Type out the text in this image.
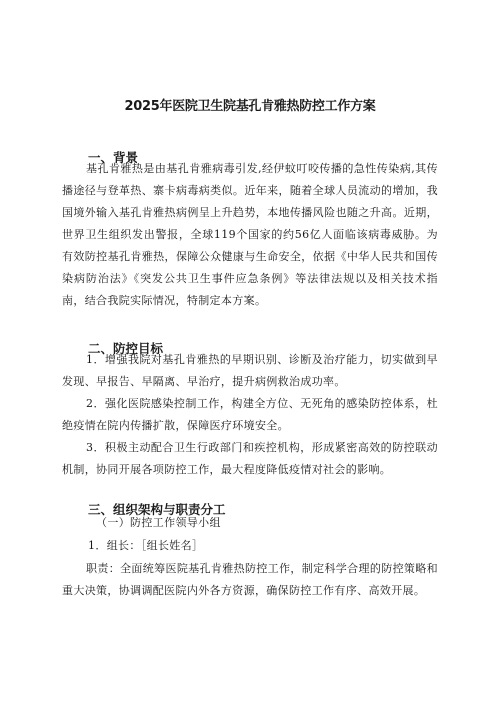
2025年医院卫生院基孔肯雅热防控工作方案
一、背景
基孔肯雅热是由基孔肯雅病毒引发,经伊蚊叮咬传播的急性传染病,其传播途径与登革热、寨卡病毒病类似。近年来，随着全球人员流动的增加，我国境外输入基孔肯雅热病例呈上升趋势，本地传播风险也随之升高。近期，世界卫生组织发出警报，全球119个国家的约56亿人面临该病毒威胁。为有效防控基孔肯雅热，保障公众健康与生命安全，依据《中华人民共和国传染病防治法》《突发公共卫生事件应急条例》等法律法规以及相关技术指南，结合我院实际情况，特制定本方案。
二、防控目标
1．增强我院对基孔肯雅热的早期识别、诊断及治疗能力，切实做到早发现、早报告、早隔离、早治疗，提升病例救治成功率。
2．强化医院感染控制工作，构建全方位、无死角的感染防控体系，杜绝疫情在院内传播扩散，保障医疗环境安全。
3．积极主动配合卫生行政部门和疾控机构，形成紧密高效的防控联动机制，协同开展各项防控工作，最大程度降低疫情对社会的影响。
三、组织架构与职责分工
（一）防控工作领导小组
1．组长：［组长姓名］
职责：全面统筹医院基孔肯雅热防控工作，制定科学合理的防控策略和重大决策，协调调配医院内外各方资源，确保防控工作有序、高效开展。
